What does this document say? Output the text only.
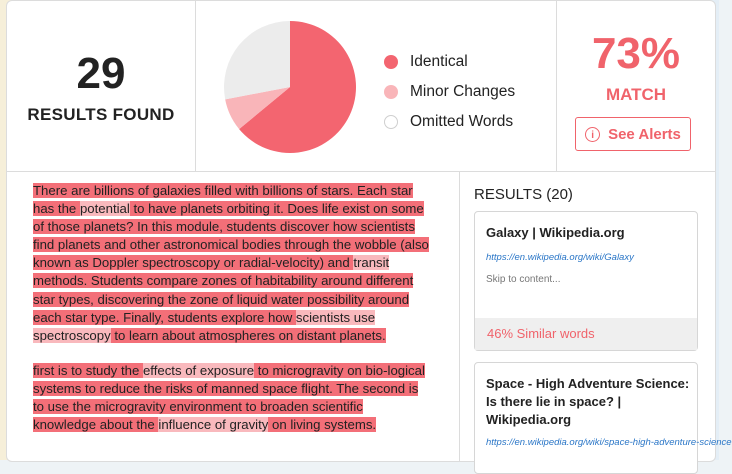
29
RESULTS FOUND
Identical
Minor Changes
Omitted Words
73%
MATCH
i See Alerts

There are billions of galaxies filled with billions of stars. Each star has the potential to have planets orbiting it. Does life exist on some of those planets? In this module, students discover how scientists find planets and other astronomical bodies through the wobble (also known as Doppler spectroscopy or radial-velocity) and transit methods. Students compare zones of habitability around different star types, discovering the zone of liquid water possibility around each star type. Finally, students explore how scientists use spectroscopy to learn about atmospheres on distant planets.

first is to study the effects of exposure to microgravity on bio-logical systems to reduce the risks of manned space flight. The second is to use the microgravity environment to broaden scientific knowledge about the influence of gravity on living systems.

RESULTS (20)
Galaxy | Wikipedia.org
https://en.wikipedia.org/wiki/Galaxy
Skip to content...
46% Similar words
Space - High Adventure Science: Is there lie in space? | Wikipedia.org
https://en.wikipedia.org/wiki/space-high-adventure-science
